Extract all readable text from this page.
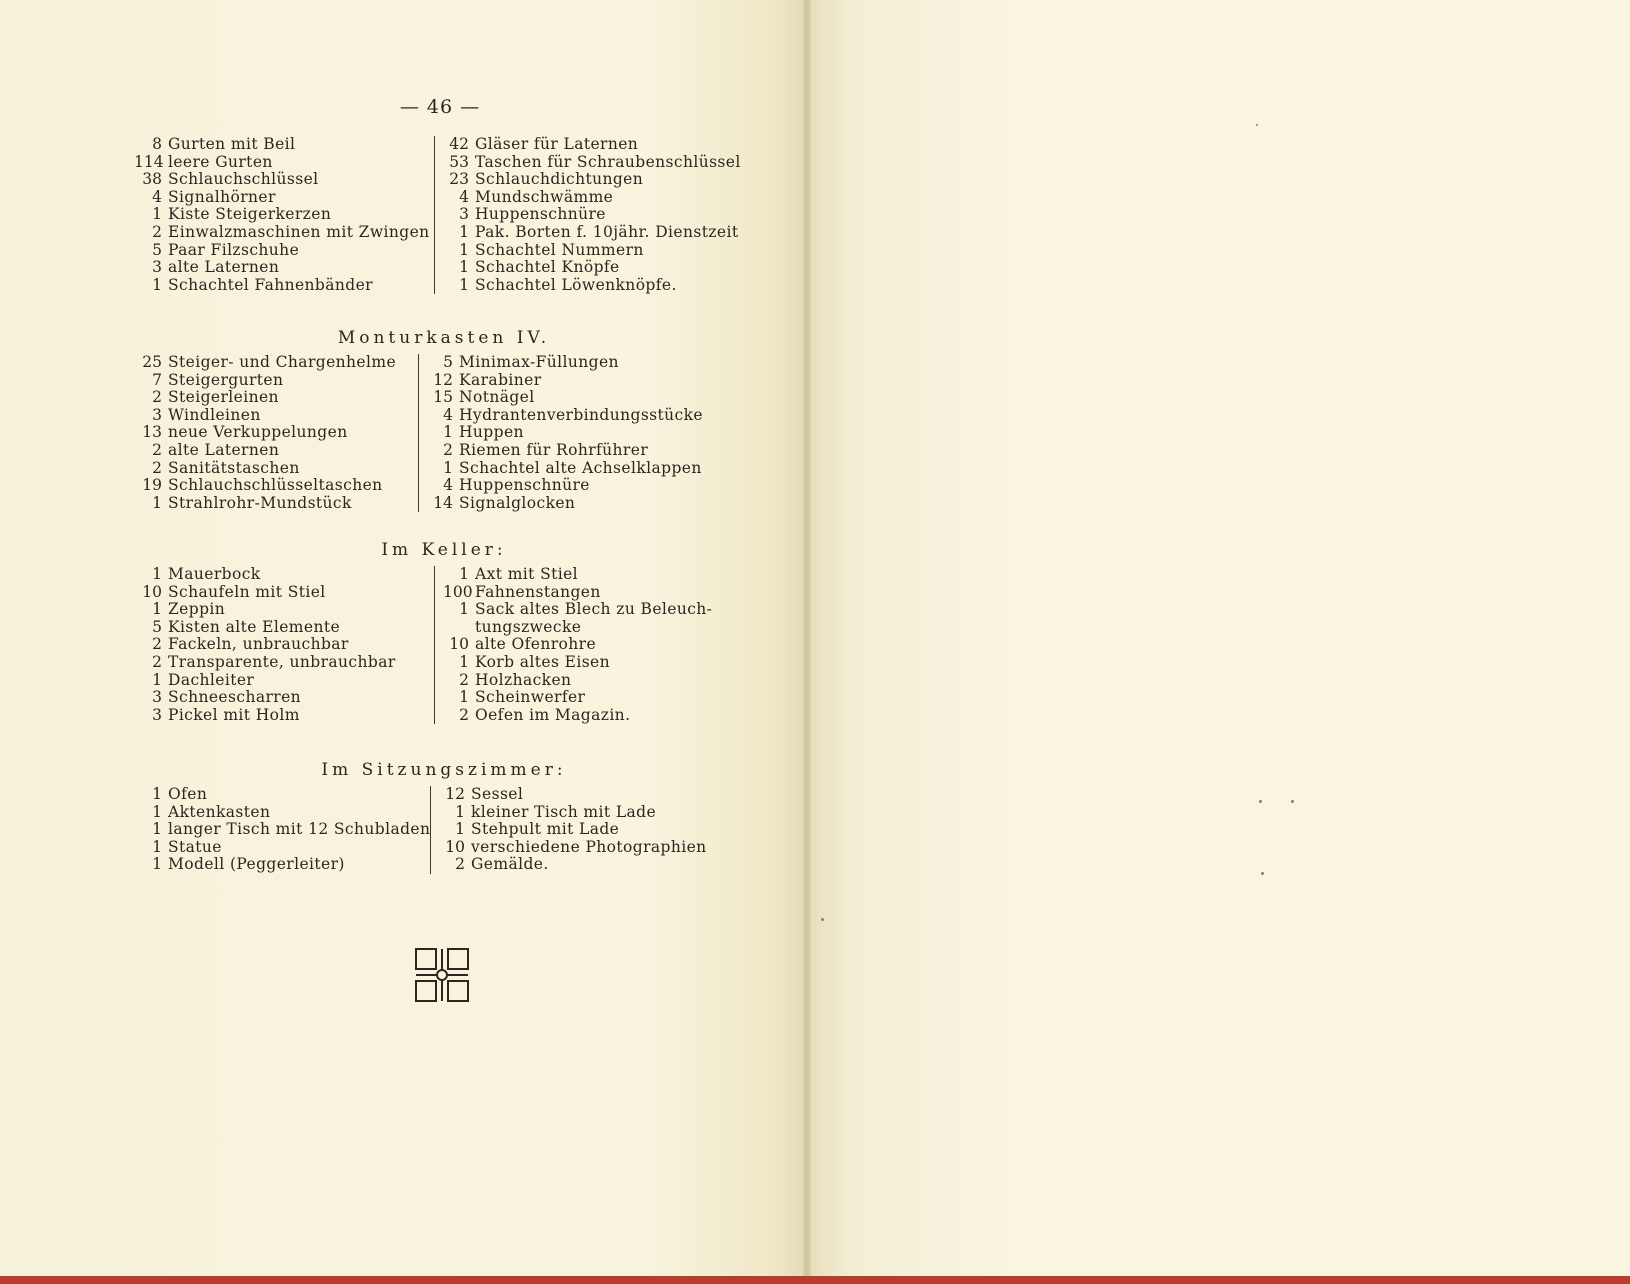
— 46 —
8 Gurten mit Beil
114 leere Gurten
38 Schlauchschlüssel
4 Signalhörner
1 Kiste Steigerkerzen
2 Einwalzmaschinen mit Zwingen
5 Paar Filzschuhe
3 alte Laternen
1 Schachtel Fahnenbänder
42 Gläser für Laternen
53 Taschen für Schraubenschlüssel
23 Schlauchdichtungen
4 Mundschwämme
3 Huppenschnüre
1 Pak. Borten f. 10jähr. Dienstzeit
1 Schachtel Nummern
1 Schachtel Knöpfe
1 Schachtel Löwenknöpfe.
Monturkasten IV.
25 Steiger- und Chargenhelme
7 Steigergurten
2 Steigerleinen
3 Windleinen
13 neue Verkuppelungen
2 alte Laternen
2 Sanitätstaschen
19 Schlauchschlüsseltaschen
1 Strahlrohr-Mundstück
5 Minimax-Füllungen
12 Karabiner
15 Notnägel
4 Hydrantenverbindungsstücke
1 Huppen
2 Riemen für Rohrführer
1 Schachtel alte Achselklappen
4 Huppenschnüre
14 Signalglocken
Im Keller:
1 Mauerbock
10 Schaufeln mit Stiel
1 Zeppin
5 Kisten alte Elemente
2 Fackeln, unbrauchbar
2 Transparente, unbrauchbar
1 Dachleiter
3 Schneescharren
3 Pickel mit Holm
1 Axt mit Stiel
100 Fahnenstangen
1 Sack altes Blech zu Beleuch-
tungszwecke
10 alte Ofenrohre
1 Korb altes Eisen
2 Holzhacken
1 Scheinwerfer
2 Oefen im Magazin.
Im Sitzungszimmer:
1 Ofen
1 Aktenkasten
1 langer Tisch mit 12 Schubladen
1 Statue
1 Modell (Peggerleiter)
12 Sessel
1 kleiner Tisch mit Lade
1 Stehpult mit Lade
10 verschiedene Photographien
2 Gemälde.
